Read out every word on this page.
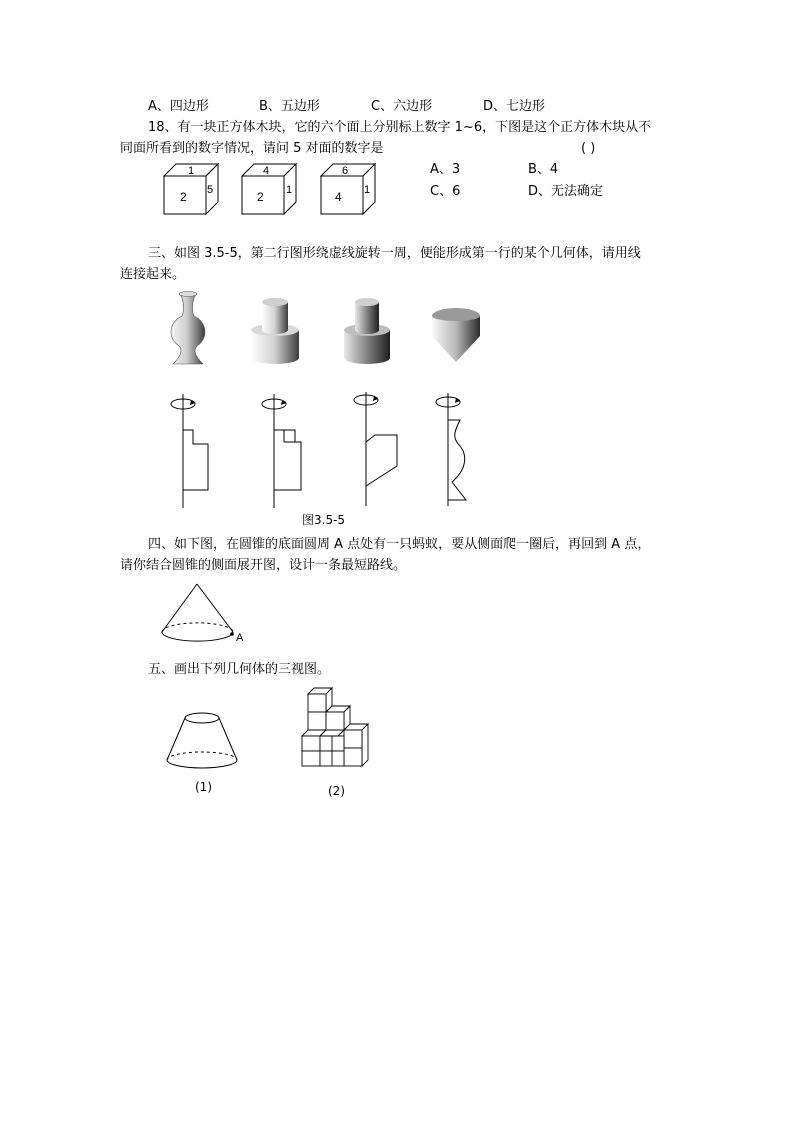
A、四边形	B、五边形	C、六边形	D、七边形
18、有一块正方体木块，它的六个面上分别标上数字 1~6，下图是这个正方体木块从不
同面所看到的数字情况，请问 5 对面的数字是	( )
1
2 5
4
2 1
6
4 1
A、3	B、4
C、6	D、无法确定
三、如图 3.5-5，第二行图形绕虚线旋转一周，便能形成第一行的某个几何体，请用线
连接起来。
图3.5-5
四、如下图，在圆锥的底面圆周 A 点处有一只蚂蚁，要从侧面爬一圈后，再回到 A 点，
请你结合圆锥的侧面展开图，设计一条最短路线。
A
五、画出下列几何体的三视图。
(1)	(2)
